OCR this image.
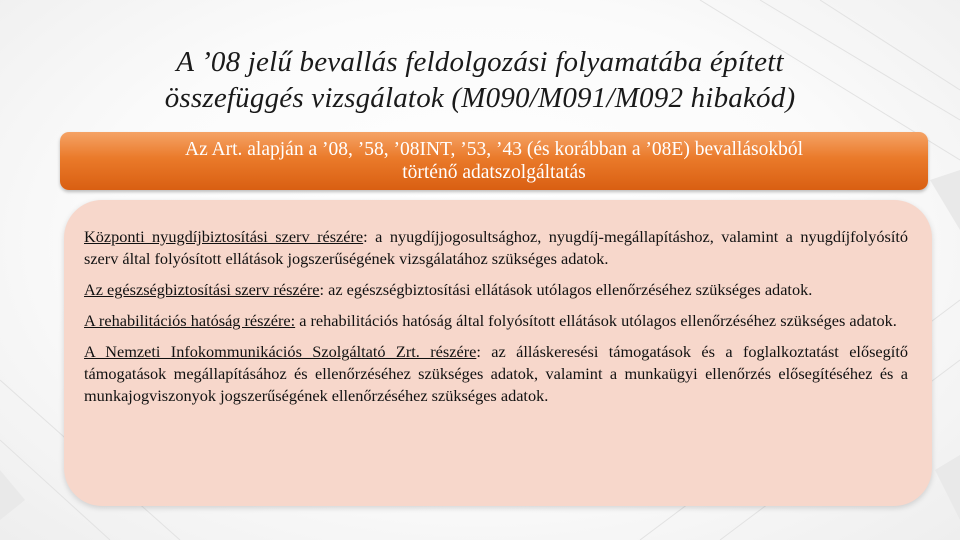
A ’08 jelű bevallás feldolgozási folyamatába épített
összefüggés vizsgálatok (M090/M091/M092 hibakód)
Az Art. alapján a ’08, ’58, ’08INT, ’53, ’43 (és korábban a ’08E) bevallásokból
történő adatszolgáltatás

Központi nyugdíjbiztosítási szerv részére: a nyugdíjjogosultsághoz, nyugdíj-megállapításhoz, valamint a nyugdíjfolyósító szerv által folyósított ellátások jogszerűségének vizsgálatához szükséges adatok.

Az egészségbiztosítási szerv részére: az egészségbiztosítási ellátások utólagos ellenőrzéséhez szükséges adatok.

A rehabilitációs hatóság részére: a rehabilitációs hatóság által folyósított ellátások utólagos ellenőrzéséhez szükséges adatok.

A Nemzeti Infokommunikációs Szolgáltató Zrt. részére: az álláskeresési támogatások és a foglalkoztatást elősegítő támogatások megállapításához és ellenőrzéséhez szükséges adatok, valamint a munkaügyi ellenőrzés elősegítéséhez és a munkajogviszonyok jogszerűségének ellenőrzéséhez szükséges adatok.
